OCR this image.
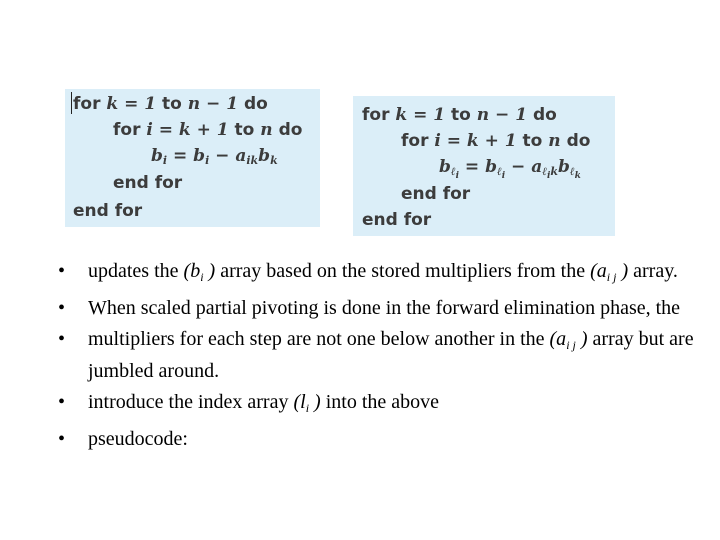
for k = 1 to n − 1 do
for i = k + 1 to n do
$b_i = b_i - a_{ik}b_k$
end for
end for
for k = 1 to n − 1 do
for i = k + 1 to n do
$b_{\ell_i} = b_{\ell_i} - a_{\ell_ik}b_{\ell_k}$
end for
end for
• updates the ($b_i$ ) array based on the stored multipliers from the ($a_{i j}$ ) array.
• When scaled partial pivoting is done in the forward elimination phase, the
• multipliers for each step are not one below another in the ($a_{i j}$ ) array but are jumbled around.
• introduce the index array ($l_i$ ) into the above
• pseudocode:
